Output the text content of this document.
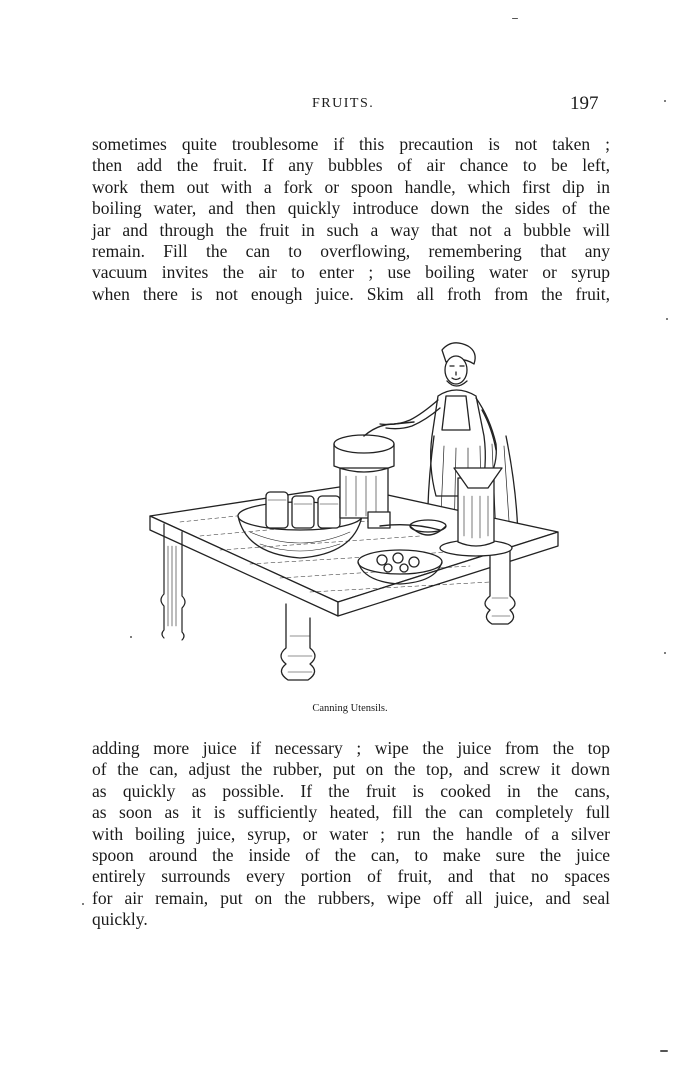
FRUITS.	197

sometimes quite troublesome if this precaution is not taken ;
then add the fruit. If any bubbles of air chance to be left,
work them out with a fork or spoon handle, which first dip in
boiling water, and then quickly introduce down the sides of the
jar and through the fruit in such a way that not a bubble will
remain. Fill the can to overflowing, remembering that any
vacuum invites the air to enter ; use boiling water or syrup
when there is not enough juice. Skim all froth from the fruit,

Canning Utensils.

adding more juice if necessary ; wipe the juice from the top
of the can, adjust the rubber, put on the top, and screw it down
as quickly as possible. If the fruit is cooked in the cans,
as soon as it is sufficiently heated, fill the can completely full
with boiling juice, syrup, or water ; run the handle of a silver
spoon around the inside of the can, to make sure the juice
entirely surrounds every portion of fruit, and that no spaces
for air remain, put on the rubbers, wipe off all juice, and seal
quickly.
